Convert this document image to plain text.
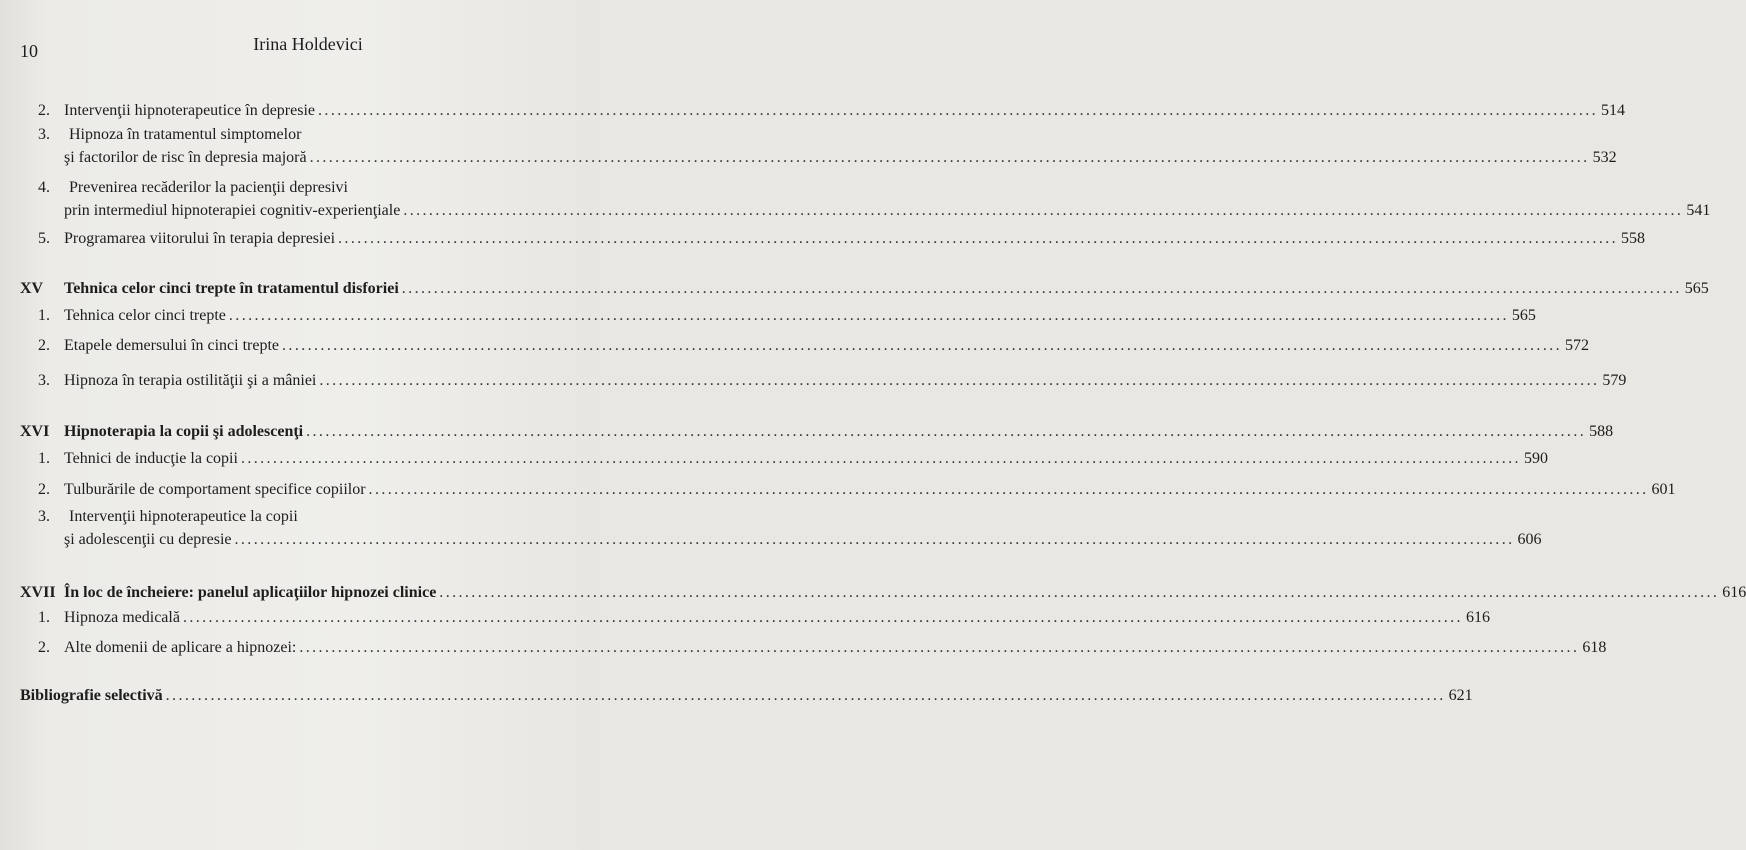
10	Irina Holdevici
2. Intervenţii hipnoterapeutice în depresie ........................................................................................................................................................................................................ 514
3. Hipnoza în tratamentul simptomelor
şi factorilor de risc în depresia majoră ........................................................................................................................................................................................................ 532
4. Prevenirea recăderilor la pacienţii depresivi
prin intermediul hipnoterapiei cognitiv-experienţiale ........................................................................................................................................................................................................ 541
5. Programarea viitorului în terapia depresiei ........................................................................................................................................................................................................ 558
XV Tehnica celor cinci trepte în tratamentul disforiei ........................................................................................................................................................................................................ 565
1. Tehnica celor cinci trepte ........................................................................................................................................................................................................ 565
2. Etapele demersului în cinci trepte ........................................................................................................................................................................................................ 572
3. Hipnoza în terapia ostilităţii şi a mâniei ........................................................................................................................................................................................................ 579
XVI Hipnoterapia la copii şi adolescenţi ........................................................................................................................................................................................................ 588
1. Tehnici de inducţie la copii ........................................................................................................................................................................................................ 590
2. Tulburările de comportament specifice copiilor ........................................................................................................................................................................................................ 601
3. Intervenţii hipnoterapeutice la copii
şi adolescenţii cu depresie ........................................................................................................................................................................................................ 606
XVII În loc de încheiere: panelul aplicaţiilor hipnozei clinice ........................................................................................................................................................................................................ 616
1. Hipnoza medicală ........................................................................................................................................................................................................ 616
2. Alte domenii de aplicare a hipnozei: ........................................................................................................................................................................................................ 618
Bibliografie selectivă ........................................................................................................................................................................................................ 621
